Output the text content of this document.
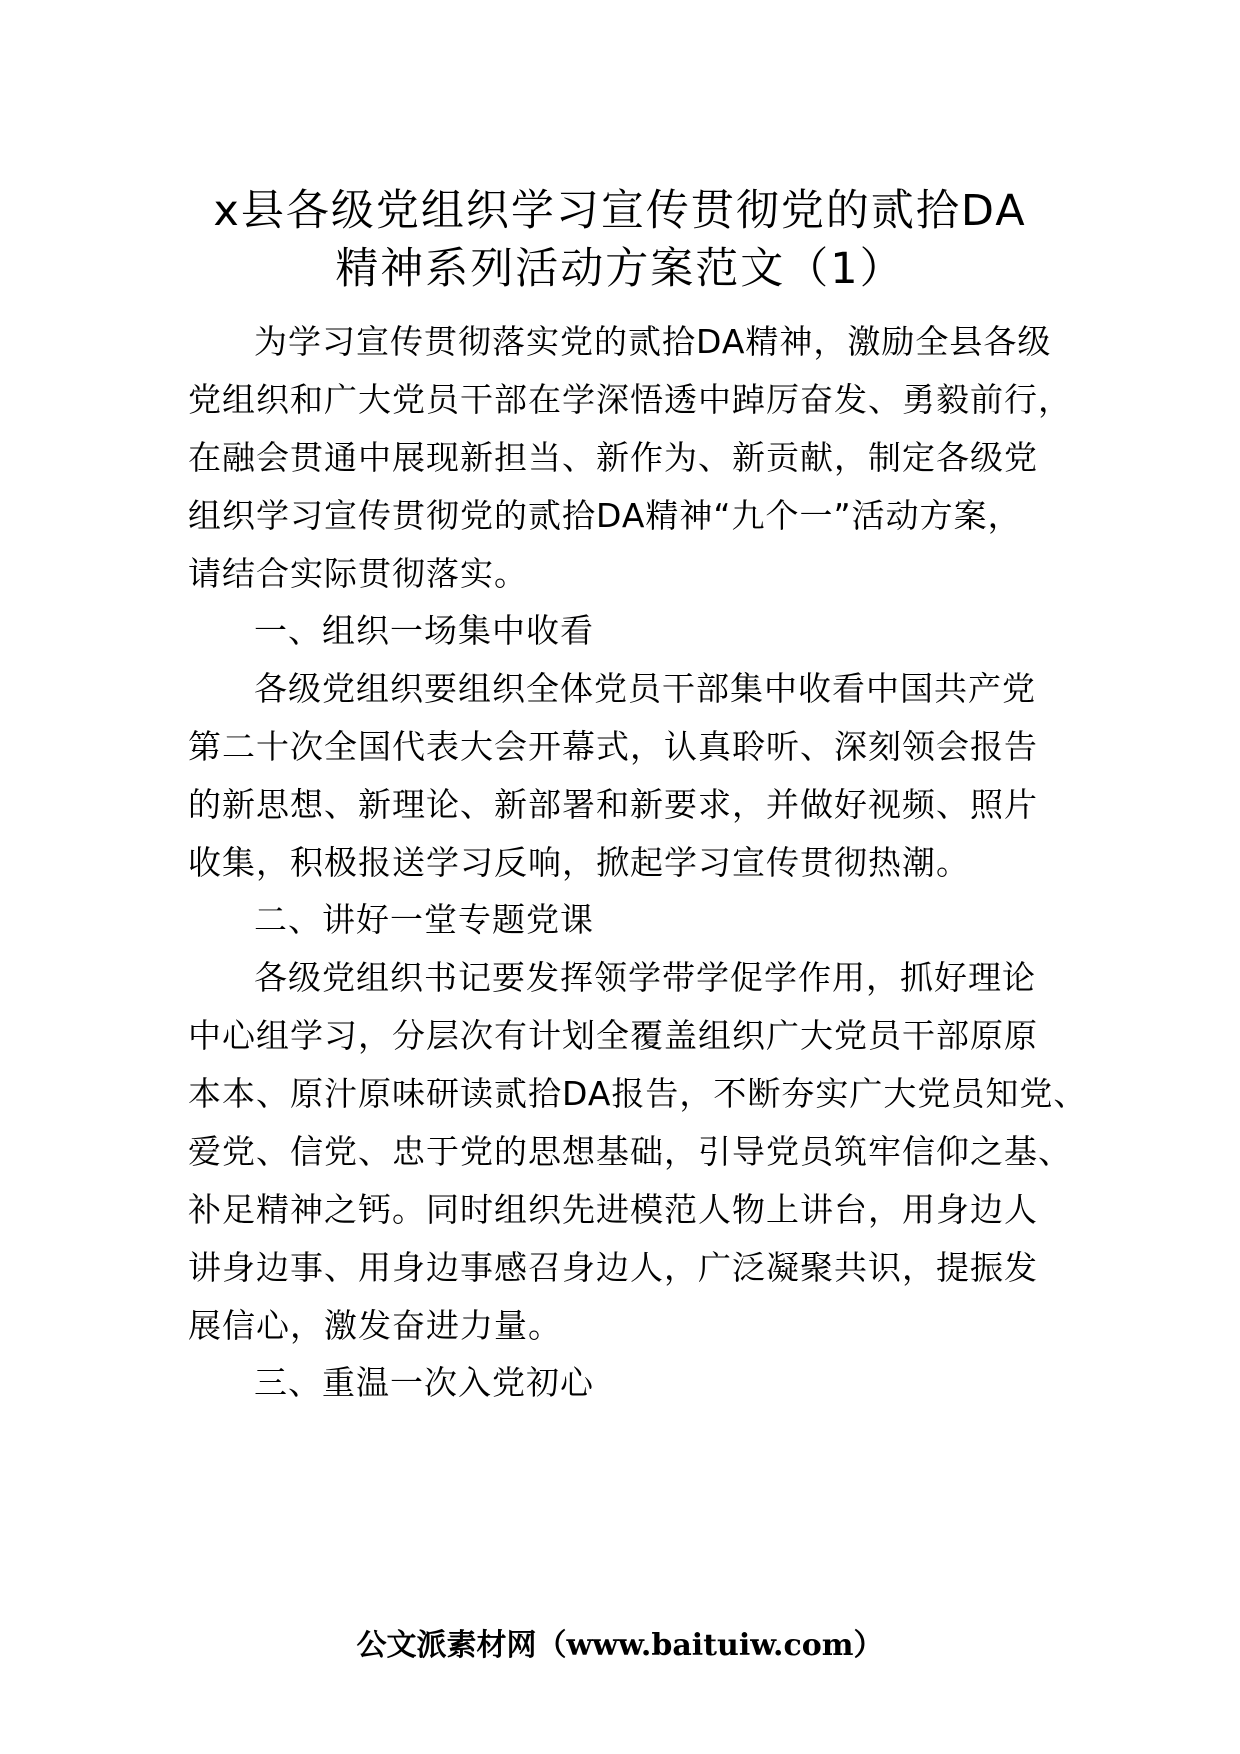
x县各级党组织学习宣传贯彻党的贰拾DA
精神系列活动方案范文（1）
为学习宣传贯彻落实党的贰拾DA精神，激励全县各级
党组织和广大党员干部在学深悟透中踔厉奋发、勇毅前行，
在融会贯通中展现新担当、新作为、新贡献，制定各级党
组织学习宣传贯彻党的贰拾DA精神“九个一”活动方案，
请结合实际贯彻落实。
一、组织一场集中收看
各级党组织要组织全体党员干部集中收看中国共产党
第二十次全国代表大会开幕式，认真聆听、深刻领会报告
的新思想、新理论、新部署和新要求，并做好视频、照片
收集，积极报送学习反响，掀起学习宣传贯彻热潮。
二、讲好一堂专题党课
各级党组织书记要发挥领学带学促学作用，抓好理论
中心组学习，分层次有计划全覆盖组织广大党员干部原原
本本、原汁原味研读贰拾DA报告，不断夯实广大党员知党、
爱党、信党、忠于党的思想基础，引导党员筑牢信仰之基、
补足精神之钙。同时组织先进模范人物上讲台，用身边人
讲身边事、用身边事感召身边人，广泛凝聚共识，提振发
展信心，激发奋进力量。
三、重温一次入党初心
公文派素材网（www.baituiw.com）
